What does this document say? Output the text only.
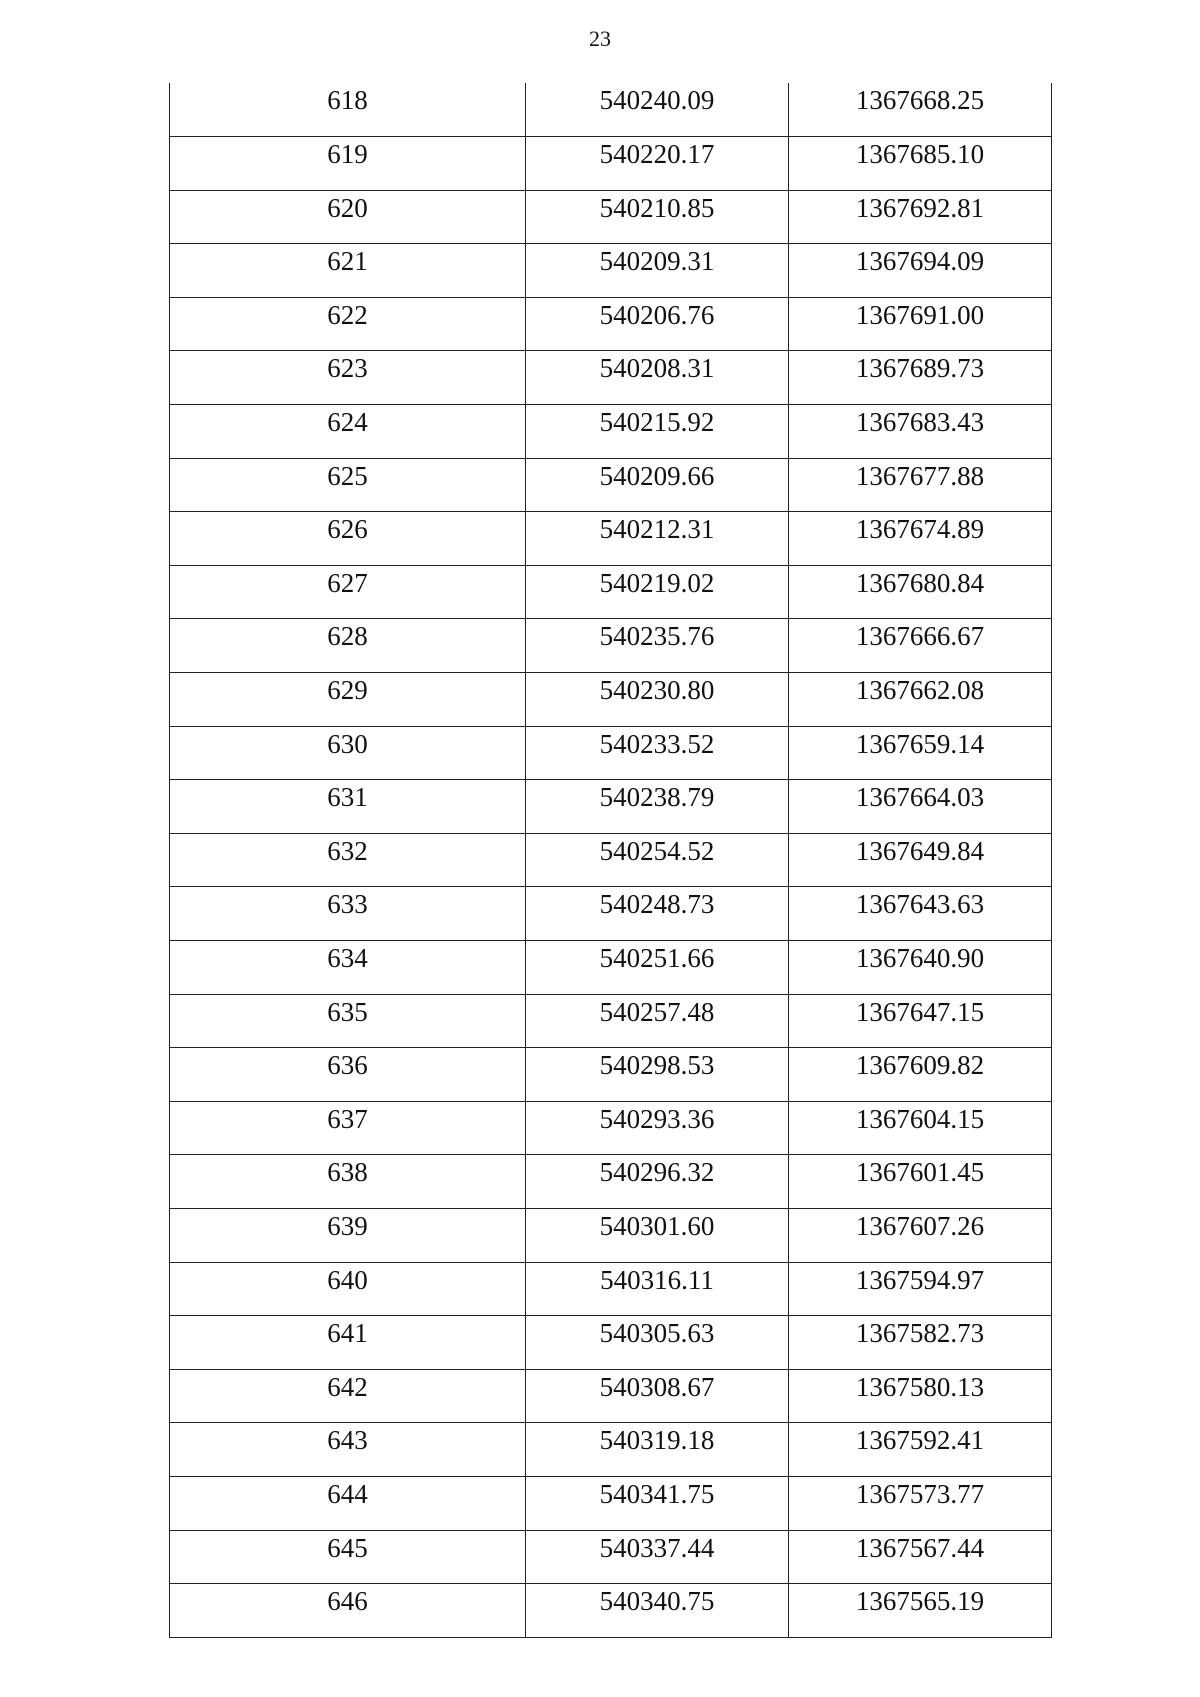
23
618	540240.09	1367668.25
619	540220.17	1367685.10
620	540210.85	1367692.81
621	540209.31	1367694.09
622	540206.76	1367691.00
623	540208.31	1367689.73
624	540215.92	1367683.43
625	540209.66	1367677.88
626	540212.31	1367674.89
627	540219.02	1367680.84
628	540235.76	1367666.67
629	540230.80	1367662.08
630	540233.52	1367659.14
631	540238.79	1367664.03
632	540254.52	1367649.84
633	540248.73	1367643.63
634	540251.66	1367640.90
635	540257.48	1367647.15
636	540298.53	1367609.82
637	540293.36	1367604.15
638	540296.32	1367601.45
639	540301.60	1367607.26
640	540316.11	1367594.97
641	540305.63	1367582.73
642	540308.67	1367580.13
643	540319.18	1367592.41
644	540341.75	1367573.77
645	540337.44	1367567.44
646	540340.75	1367565.19
